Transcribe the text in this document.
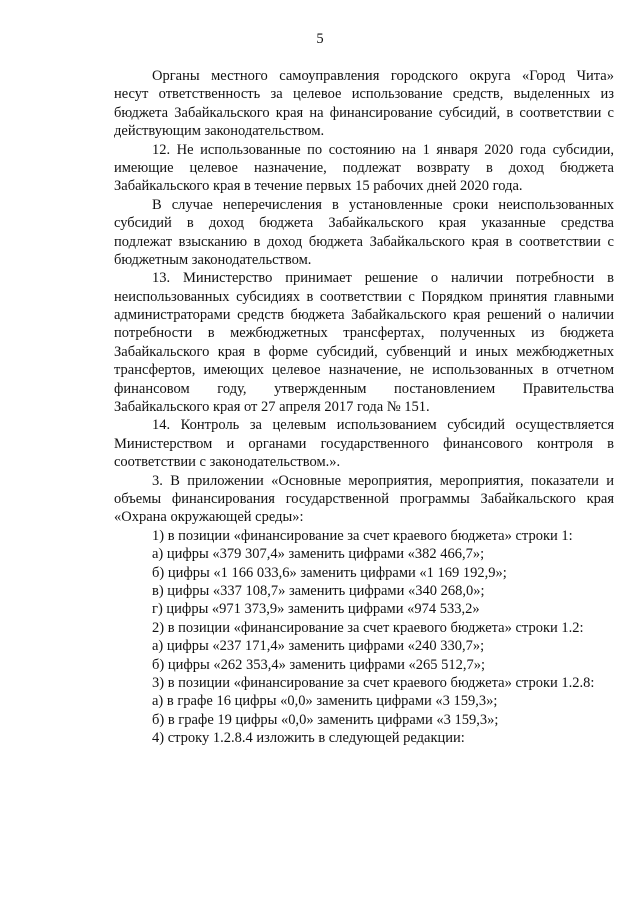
5
Органы местного самоуправления городского округа «Город Чита»
несут ответственность за целевое использование средств, выделенных из
бюджета Забайкальского края на финансирование субсидий, в соответствии с
действующим законодательством.
12. Не использованные по состоянию на 1 января 2020 года субсидии,
имеющие целевое назначение, подлежат возврату в доход бюджета
Забайкальского края в течение первых 15 рабочих дней 2020 года.
В случае неперечисления в установленные сроки неиспользованных
субсидий в доход бюджета Забайкальского края указанные средства
подлежат взысканию в доход бюджета Забайкальского края в соответствии с
бюджетным законодательством.
13. Министерство принимает решение о наличии потребности в
неиспользованных субсидиях в соответствии с Порядком принятия главными
администраторами средств бюджета Забайкальского края решений о наличии
потребности в межбюджетных трансфертах, полученных из бюджета
Забайкальского края в форме субсидий, субвенций и иных межбюджетных
трансфертов, имеющих целевое назначение, не использованных в отчетном
финансовом году, утвержденным постановлением Правительства
Забайкальского края от 27 апреля 2017 года № 151.
14. Контроль за целевым использованием субсидий осуществляется
Министерством и органами государственного финансового контроля в
соответствии с законодательством.».
3. В приложении «Основные мероприятия, мероприятия, показатели и
объемы финансирования государственной программы Забайкальского края
«Охрана окружающей среды»:
1) в позиции «финансирование за счет краевого бюджета» строки 1:
а) цифры «379 307,4» заменить цифрами «382 466,7»;
б) цифры «1 166 033,6» заменить цифрами «1 169 192,9»;
в) цифры «337 108,7» заменить цифрами «340 268,0»;
г) цифры «971 373,9» заменить цифрами «974 533,2»
2) в позиции «финансирование за счет краевого бюджета» строки 1.2:
а) цифры «237 171,4» заменить цифрами «240 330,7»;
б) цифры «262 353,4» заменить цифрами «265 512,7»;
3) в позиции «финансирование за счет краевого бюджета» строки 1.2.8:
а) в графе 16 цифры «0,0» заменить цифрами «3 159,3»;
б) в графе 19 цифры «0,0» заменить цифрами «3 159,3»;
4) строку 1.2.8.4 изложить в следующей редакции:
